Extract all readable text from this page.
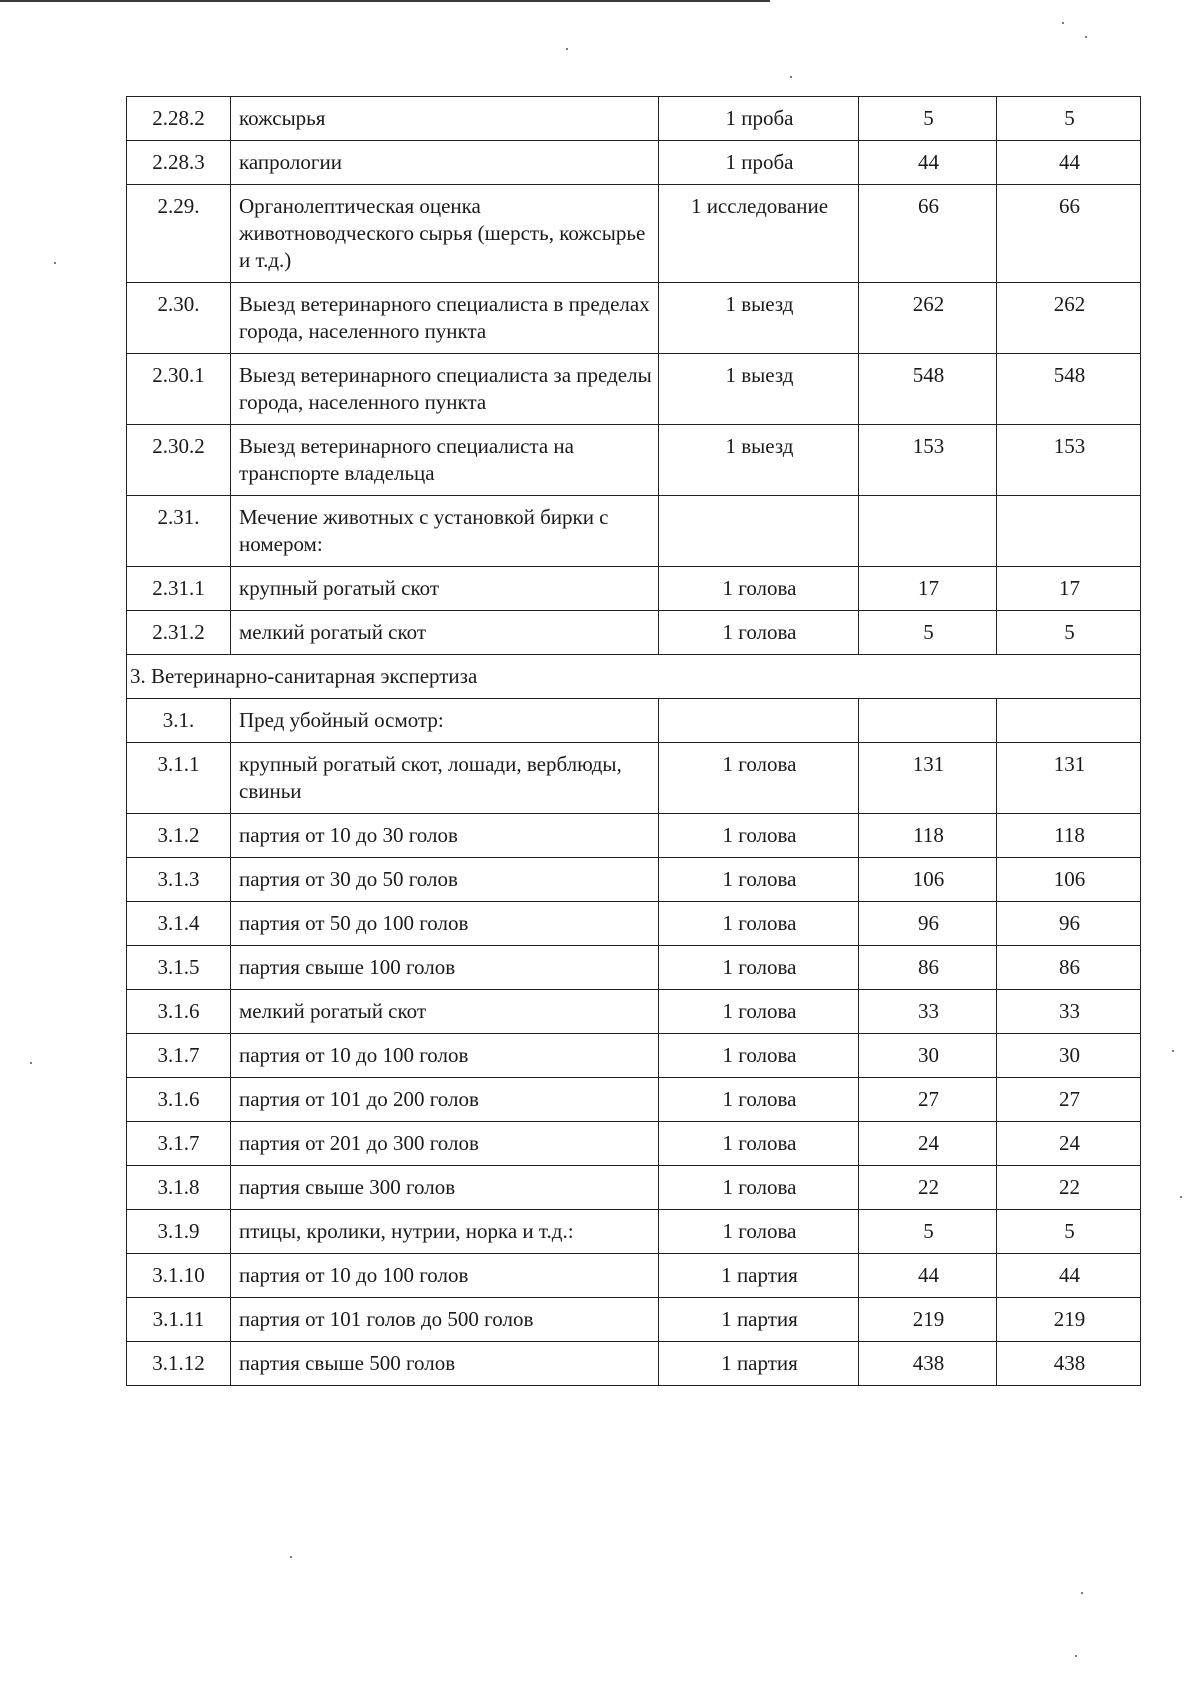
2.28.2	кожсырья	1 проба	5	5
2.28.3	капрологии	1 проба	44	44
2.29.	Органолептическая оценка животноводческого сырья (шерсть, кожсырье и т.д.)	1 исследование	66	66
2.30.	Выезд ветеринарного специалиста в пределах города, населенного пункта	1 выезд	262	262
2.30.1	Выезд ветеринарного специалиста за пределы города, населенного пункта	1 выезд	548	548
2.30.2	Выезд ветеринарного специалиста на транспорте владельца	1 выезд	153	153
2.31.	Мечение животных с установкой бирки с номером:			
2.31.1	крупный рогатый скот	1 голова	17	17
2.31.2	мелкий рогатый скот	1 голова	5	5
3. Ветеринарно-санитарная экспертиза				
3.1.	Пред убойный осмотр:			
3.1.1	крупный рогатый скот, лошади, верблюды, свиньи	1 голова	131	131
3.1.2	партия от 10 до 30 голов	1 голова	118	118
3.1.3	партия от 30 до 50 голов	1 голова	106	106
3.1.4	партия от 50 до 100 голов	1 голова	96	96
3.1.5	партия свыше 100 голов	1 голова	86	86
3.1.6	мелкий рогатый скот	1 голова	33	33
3.1.7	партия от 10 до 100 голов	1 голова	30	30
3.1.6	партия от 101 до 200 голов	1 голова	27	27
3.1.7	партия от 201 до 300 голов	1 голова	24	24
3.1.8	партия свыше 300 голов	1 голова	22	22
3.1.9	птицы, кролики, нутрии, норка и т.д.:	1 голова	5	5
3.1.10	партия от 10 до 100 голов	1 партия	44	44
3.1.11	партия от 101 голов до 500 голов	1 партия	219	219
3.1.12	партия свыше 500 голов	1 партия	438	438
